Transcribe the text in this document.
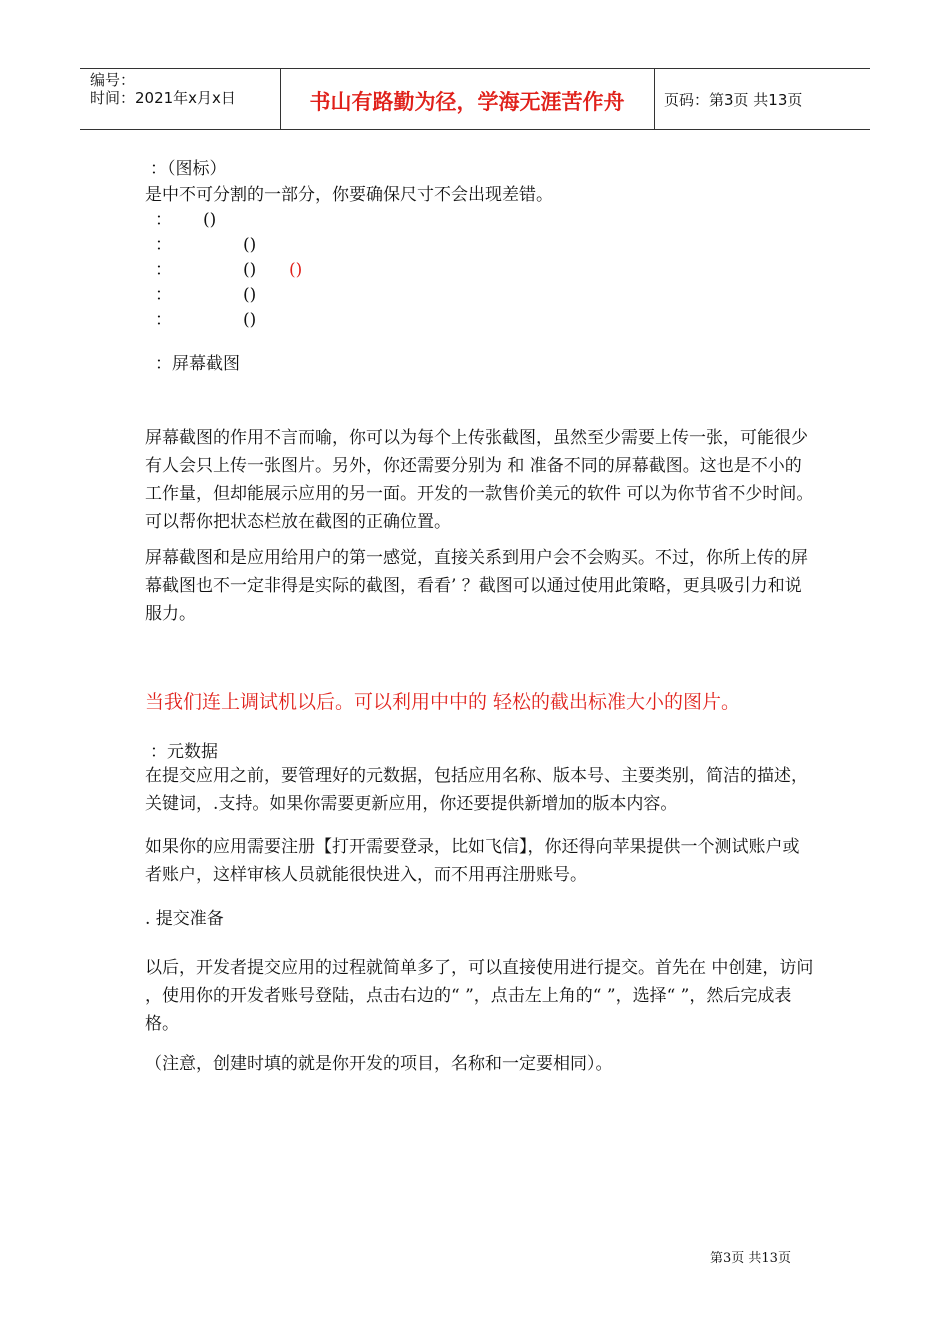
编号：
时间：2021年x月x日	书山有路勤为径，学海无涯苦作舟	页码：第3页 共13页
：（图标）
是中不可分割的一部分，你要确保尺寸不会出现差错。
： ()
：	()
：	() ()
：	()
：	()
：屏幕截图
屏幕截图的作用不言而喻，你可以为每个上传张截图，虽然至少需要上传一张，可能很少有人会只上传一张图片。另外，你还需要分别为 和 准备不同的屏幕截图。这也是不小的工作量，但却能展示应用的另一面。开发的一款售价美元的软件 可以为你节省不少时间。 可以帮你把状态栏放在截图的正确位置。
屏幕截图和是应用给用户的第一感觉，直接关系到用户会不会购买。不过，你所上传的屏幕截图也不一定非得是实际的截图，看看’ ？截图可以通过使用此策略，更具吸引力和说服力。
当我们连上调试机以后。可以利用中中的 轻松的截出标准大小的图片。
：元数据
在提交应用之前，要管理好的元数据，包括应用名称、版本号、主要类别，简洁的描述，关键词，.支持。如果你需要更新应用，你还要提供新增加的版本内容。
如果你的应用需要注册【打开需要登录，比如飞信】，你还得向苹果提供一个测试账户或者账户，这样审核人员就能很快进入，而不用再注册账号。
. 提交准备
以后，开发者提交应用的过程就简单多了，可以直接使用进行提交。首先在 中创建，访问 ，使用你的开发者账号登陆，点击右边的“ ”，点击左上角的“ ”，选择“ ”，然后完成表格。
（注意，创建时填的就是你开发的项目，名称和一定要相同）。
第3页 共13页
